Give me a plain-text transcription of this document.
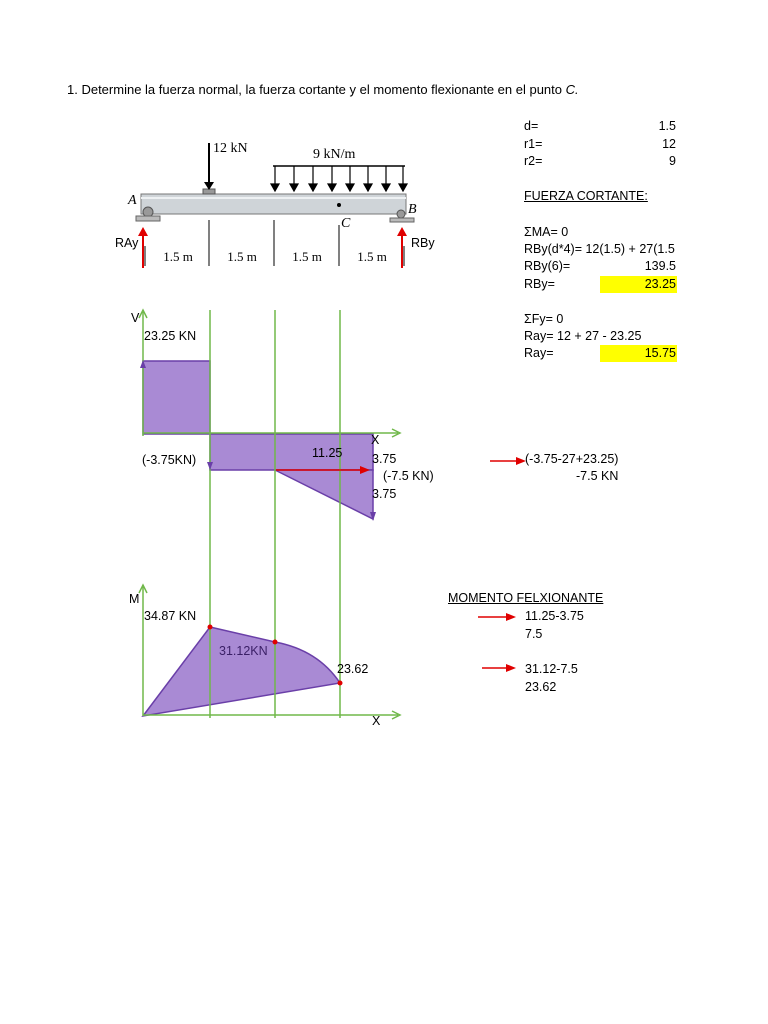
1. Determine la fuerza normal, la fuerza cortante y el momento flexionante en el punto C.
A
B
C
12 kN	9 kN/m
RAy	RBy
1.5 m	1.5 m	1.5 m	1.5 m
d=	1.5
r1=	12
r2=	9
FUERZA CORTANTE:
ΣMA= 0
RBy(d*4)= 12(1.5) + 27(1.5
RBy(6)=	139.5
RBy=	23.25
ΣFy= 0
Ray= 12 + 27 - 23.25
Ray=	15.75
V
23.25 KN
X
(-3.75KN)	11.25 3.75
(-7.5 KN)
3.75
(-3.75-27+23.25)
-7.5 KN
M
34.87 KN
31.12KN
23.62
X
MOMENTO FELXIONANTE
11.25-3.75
7.5
31.12-7.5
23.62
